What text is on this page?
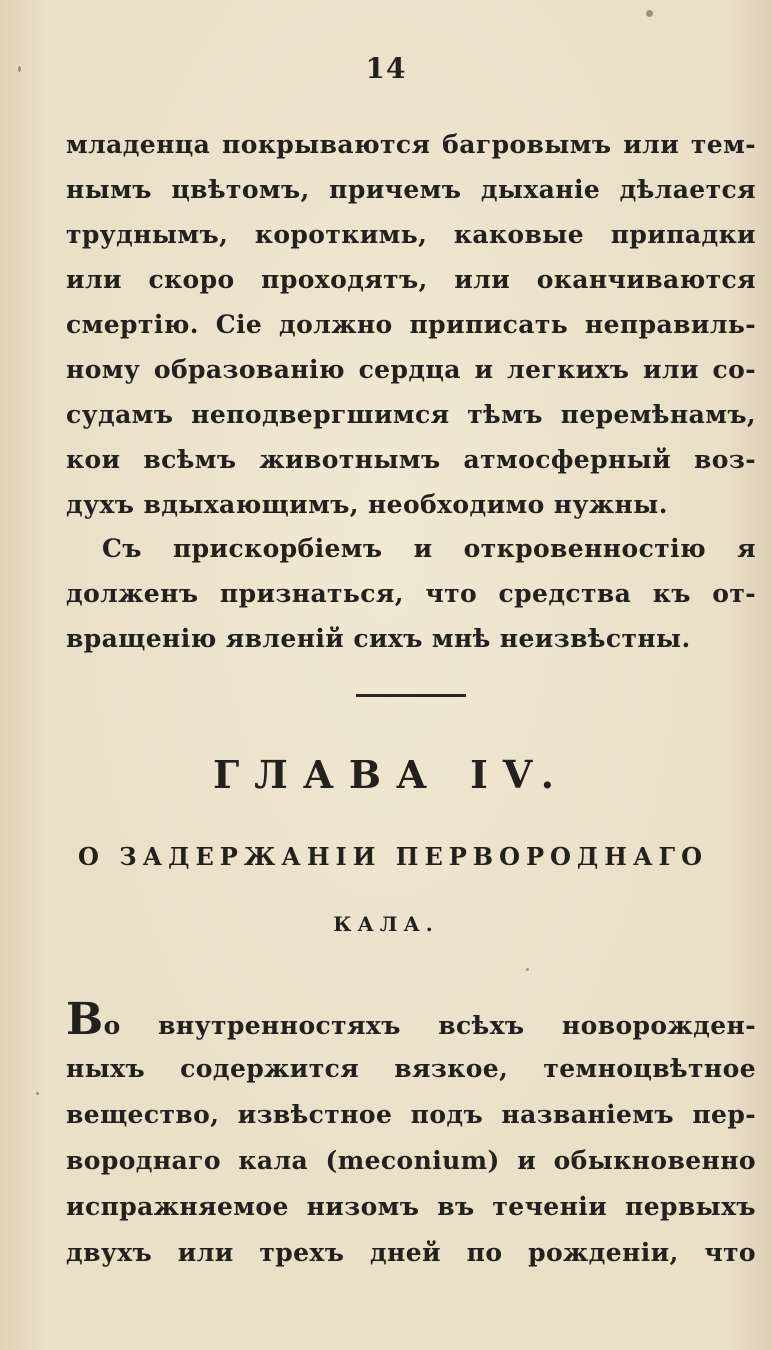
14
младенца покрываются багровымъ или тем-
нымъ цвѣтомъ, причемъ дыханіе дѣлается
труднымъ, короткимь, каковые припадки
или скоро проходятъ, или оканчиваются
смертію. Сіе должно приписать неправиль-
ному образованію сердца и легкихъ или со-
судамъ неподвергшимся тѣмъ перемѣнамъ,
кои всѣмъ животнымъ атмосферный воз-
духъ вдыхающимъ, необходимо нужны.
Съ прискорбіемъ и откровенностію я
долженъ признаться, что средства къ от-
вращенію явленій сихъ мнѣ неизвѣстны.
ГЛАВА IV.
О ЗАДЕРЖАНІИ ПЕРВОРОДНАГО
КАЛА.
Во внутренностяхъ всѣхъ новорожден-
ныхъ содержится вязкое, темноцвѣтное
вещество, извѣстное подъ названіемъ пер-
вороднаго кала (meconium) и обыкновенно
испражняемое низомъ въ теченіи первыхъ
двухъ или трехъ дней по рожденіи, что
